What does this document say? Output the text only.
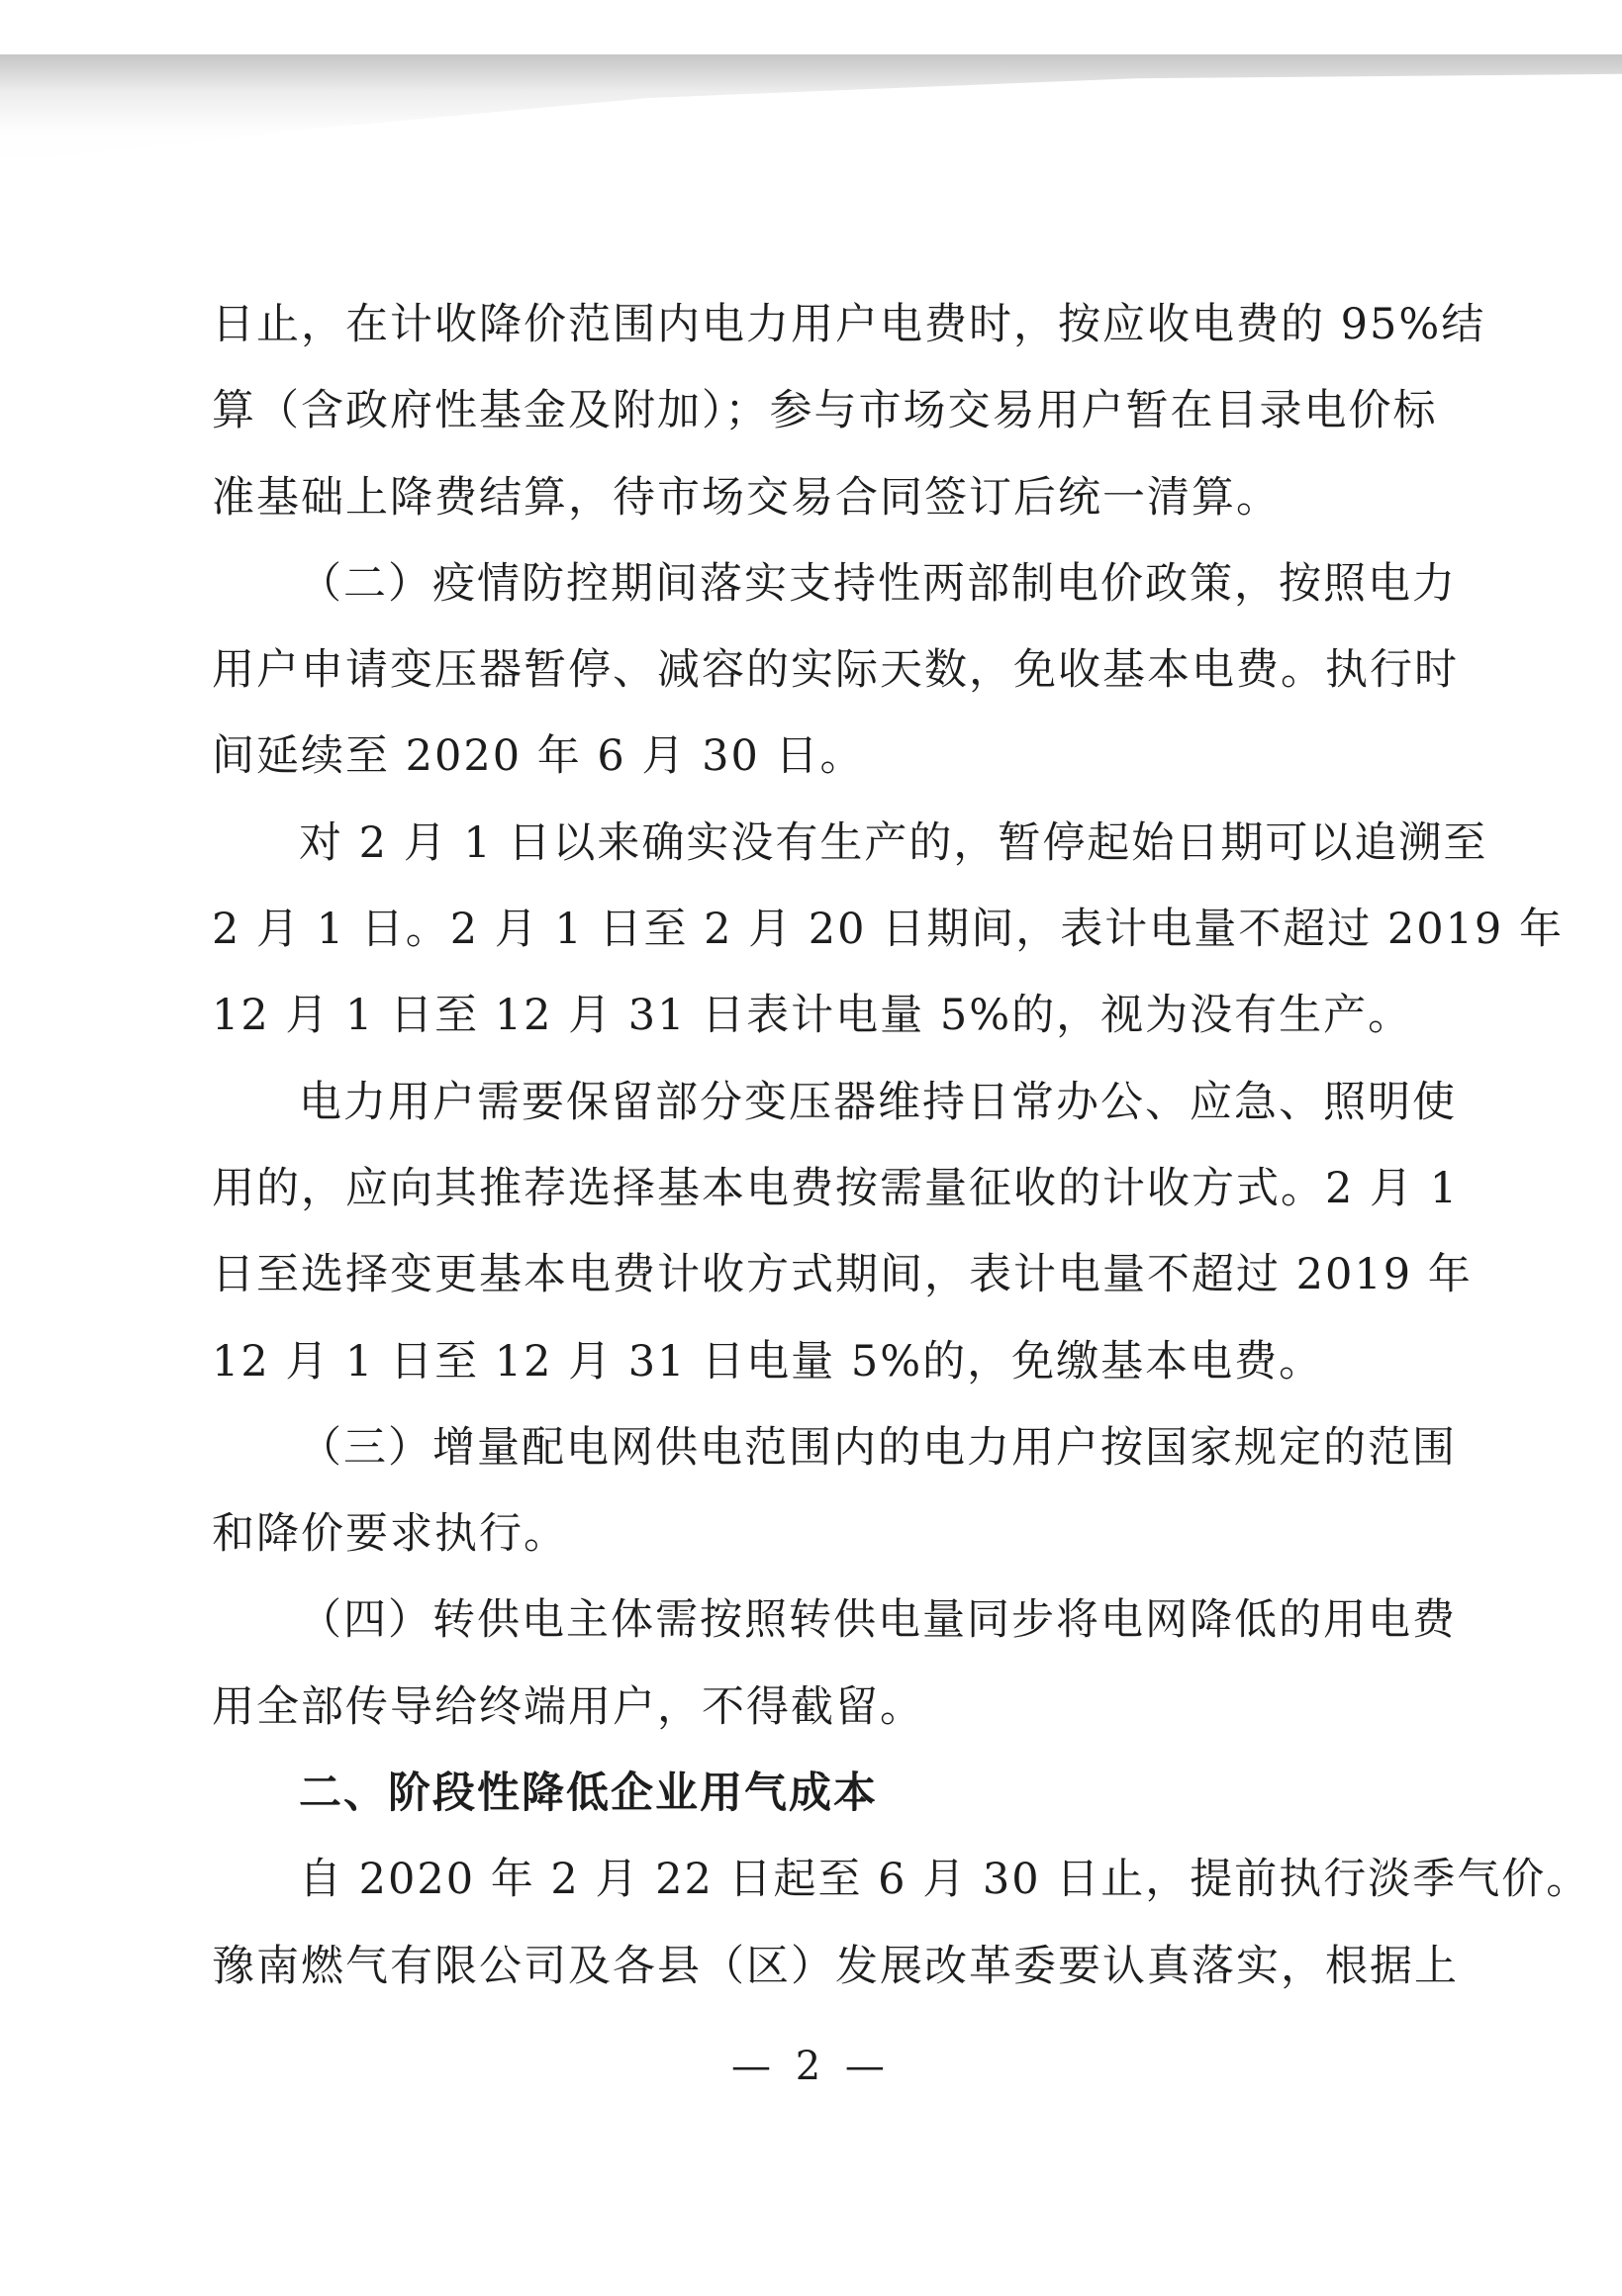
日止，在计收降价范围内电力用户电费时，按应收电费的 95%结
算（含政府性基金及附加）；参与市场交易用户暂在目录电价标
准基础上降费结算，待市场交易合同签订后统一清算。
（二）疫情防控期间落实支持性两部制电价政策，按照电力
用户申请变压器暂停、减容的实际天数，免收基本电费。执行时
间延续至 2020 年 6 月 30 日。
对 2 月 1 日以来确实没有生产的，暂停起始日期可以追溯至
2 月 1 日。2 月 1 日至 2 月 20 日期间，表计电量不超过 2019 年
12 月 1 日至 12 月 31 日表计电量 5%的，视为没有生产。
电力用户需要保留部分变压器维持日常办公、应急、照明使
用的，应向其推荐选择基本电费按需量征收的计收方式。2 月 1
日至选择变更基本电费计收方式期间，表计电量不超过 2019 年
12 月 1 日至 12 月 31 日电量 5%的，免缴基本电费。
（三）增量配电网供电范围内的电力用户按国家规定的范围
和降价要求执行。
（四）转供电主体需按照转供电量同步将电网降低的用电费
用全部传导给终端用户，不得截留。
二、阶段性降低企业用气成本
自 2020 年 2 月 22 日起至 6 月 30 日止，提前执行淡季气价。
豫南燃气有限公司及各县（区）发展改革委要认真落实，根据上
— 2 —
